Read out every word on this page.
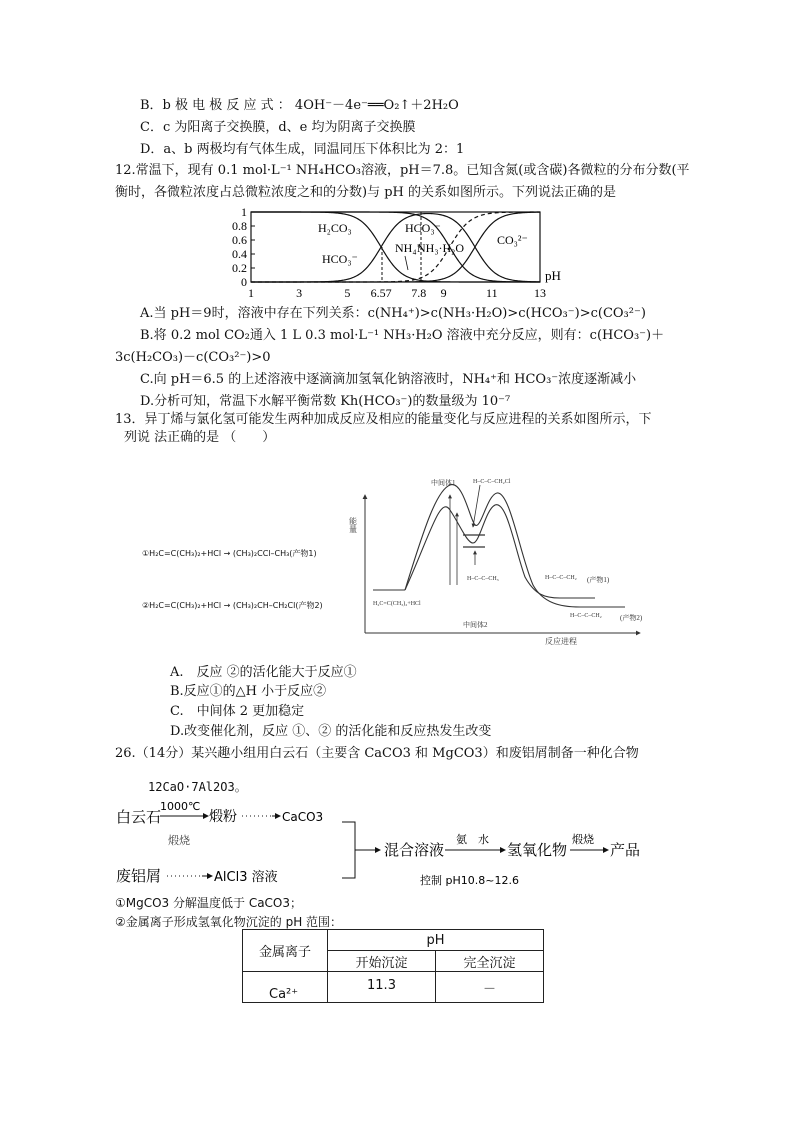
B．b 极 电 极 反 应 式 ： 4OH⁻－4e⁻══O₂↑＋2H₂O
C．c 为阳离子交换膜，d、e 均为阴离子交换膜
D．a、b 两极均有气体生成，同温同压下体积比为 2：1
12.常温下，现有 0.1 mol·L⁻¹ NH₄HCO₃溶液，pH＝7.8。已知含氮(或含碳)各微粒的分布分数(平衡时，各微粒浓度占总微粒浓度之和的分数)与 pH 的关系如图所示。下列说法正确的是
1
0.8
0.6
0.4
0.2
0
1	3	5 6.57 7.8 9	11	13
H₂CO₃
HCO₃⁻
HCO₃⁻
NH₄⁺
NH₃·H₂O
CO₃²⁻
pH
A.当 pH＝9时，溶液中存在下列关系：c(NH₄⁺)>c(NH₃·H₂O)>c(HCO₃⁻)>c(CO₃²⁻)
B.将 0.2 mol CO₂通入 1 L 0.3 mol·L⁻¹ NH₃·H₂O 溶液中充分反应，则有：c(HCO₃⁻)＋
3c(H₂CO₃)－c(CO₃²⁻)>0
C.向 pH＝6.5 的上述溶液中逐滴滴加氢氧化钠溶液时，NH₄⁺和 HCO₃⁻浓度逐渐减小
D.分析可知，常温下水解平衡常数 Kh(HCO₃⁻)的数量级为 10⁻⁷
13．异丁烯与氯化氢可能发生两种加成反应及相应的能量变化与反应进程的关系如图所示，下
列说 法正确的是 （　　）
①H₂C=C(CH₃)₂+HCl → (CH₃)₂CCl–CH₃(产物1)
②H₂C=C(CH₃)₂+HCl → (CH₃)₂CH–CH₂Cl(产物2)
能量
反应进程
中间体1
中间体2
(产物1)
(产物2)
H–C–C–CH₂Cl
H₂C=C(CH₃)₂+HCl
H–C–C–CH₃	H–C–C–CH₂
H–C–C–CH₂
A.　反应 ②的活化能大于反应①
B.反应①的△H 小于反应②
C.　中间体 2 更加稳定
D.改变催化剂，反应 ①、② 的活化能和反应热发生改变
26.（14分）某兴趣小组用白云石（主要含 CaCO3 和 MgCO3）和废铝屑制备一种化合物
12CaO·7Al2O3。
白云石
1000℃
煅烧
煅粉	CaCO3
废铝屑	AlCl3 溶液
混合溶液
氨　水
氢氧化物
煅烧
产品
控制 pH10.8~12.6
①MgCO3 分解温度低于 CaCO3；
②金属离子形成氢氧化物沉淀的 pH 范围：
金属离子	pH	
	开始沉淀	完全沉淀
Ca²⁺	11.3	－
